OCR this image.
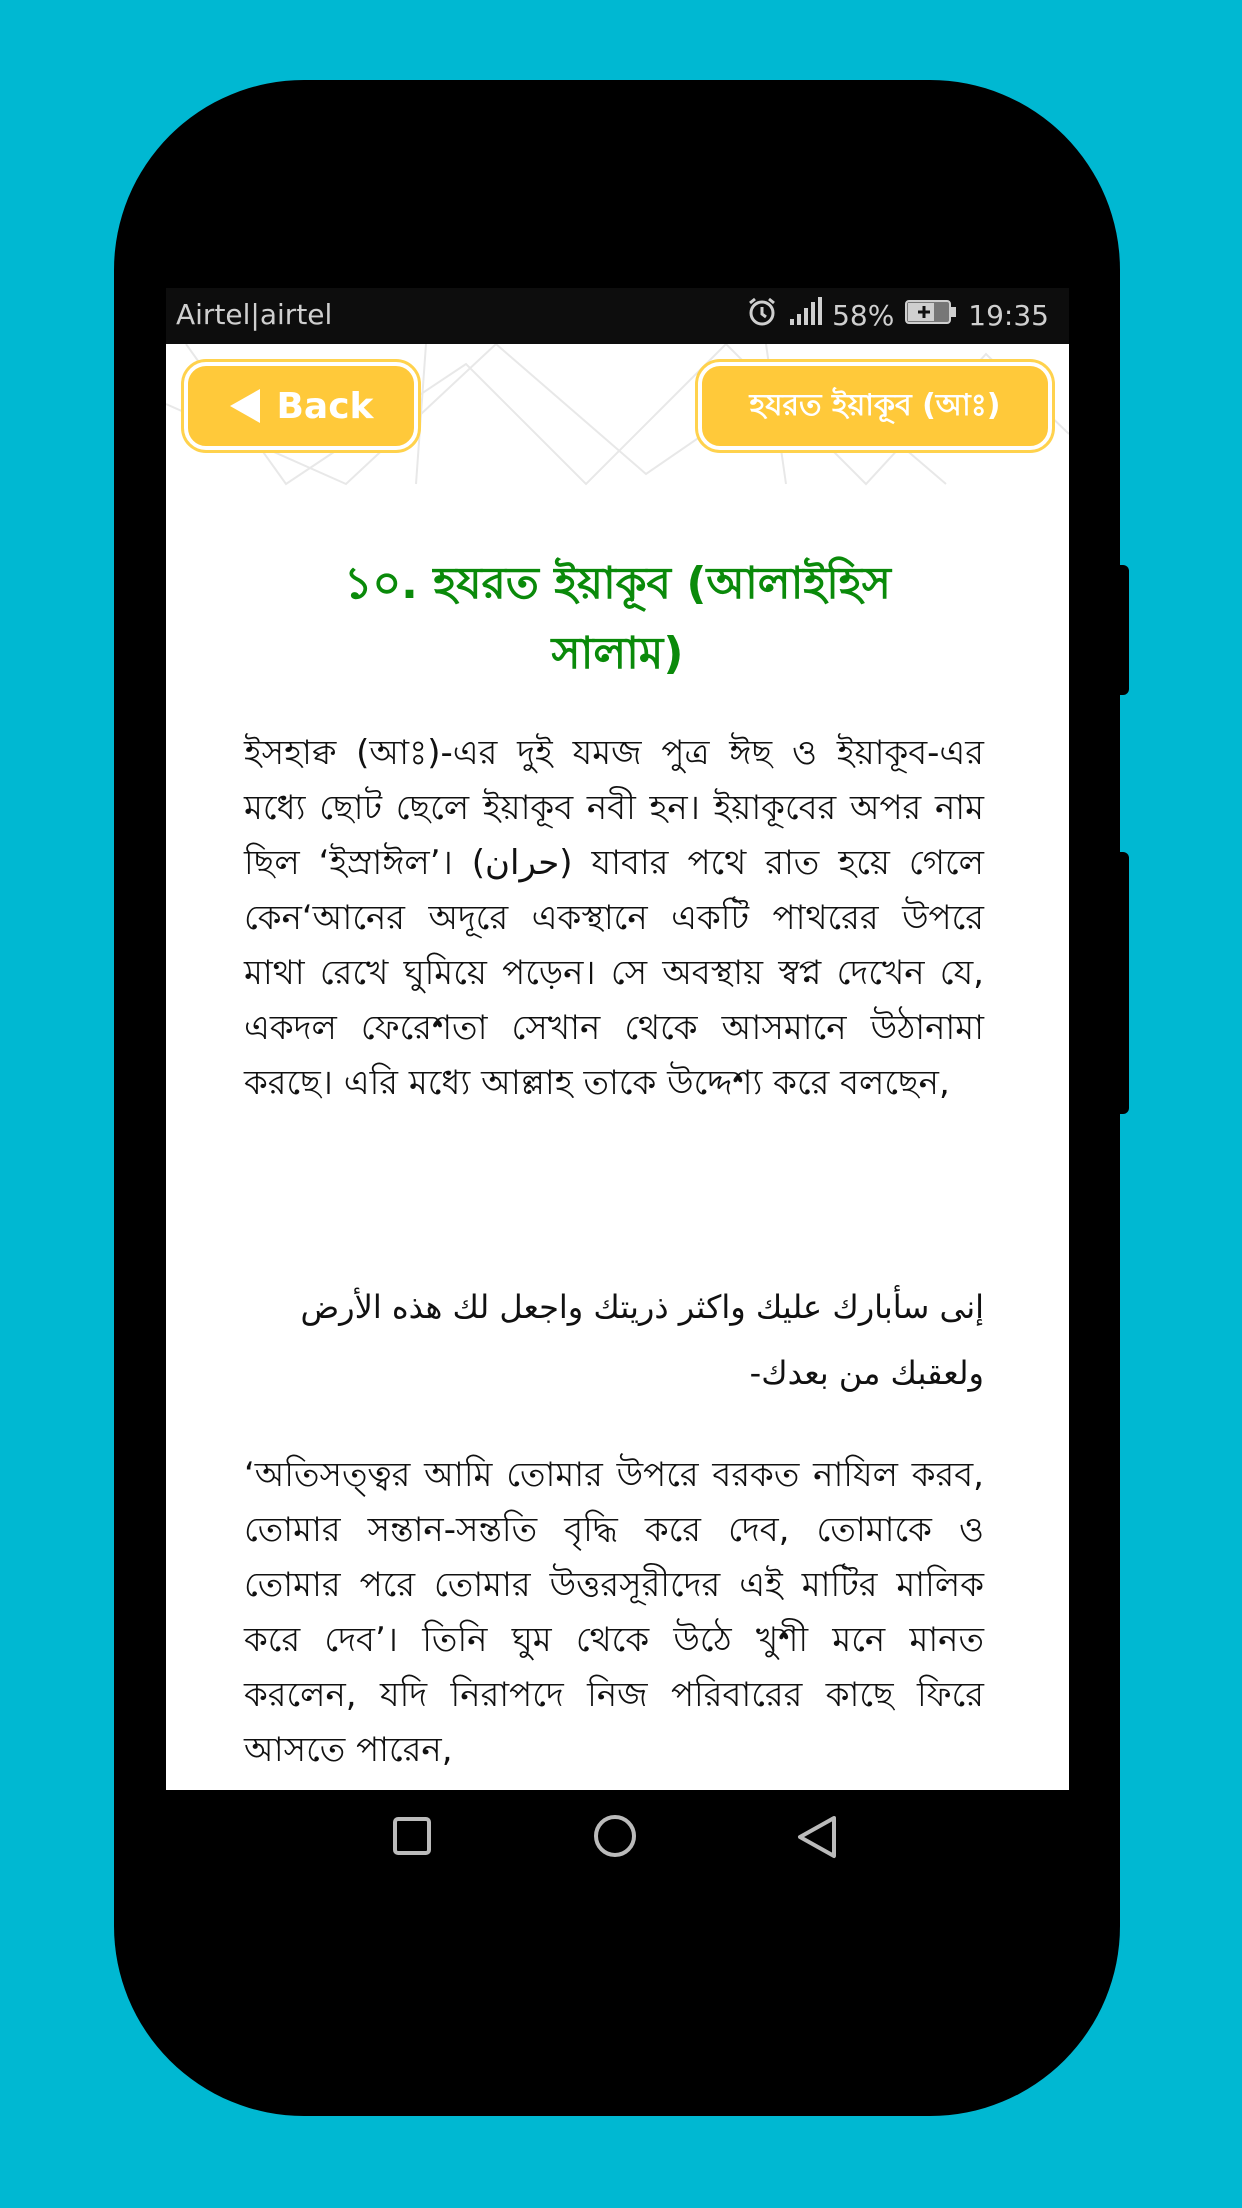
Airtel|airtel	58%	19:35
Back	হযরত ইয়াকূব (আঃ)
১০. হযরত ইয়াকূব (আলাইহিস
সালাম)
ইসহাক্ব (আঃ)-এর দুই যমজ পুত্র ঈছ ও ইয়াকূব-এর মধ্যে ছোট ছেলে ইয়াকূব নবী হন। ইয়াকূবের অপর নাম ছিল ‘ইস্রাঈল’। (حران) যাবার পথে রাত হয়ে গেলে কেন‘আনের অদূরে একস্থানে একটি পাথরের উপরে মাথা রেখে ঘুমিয়ে পড়েন। সে অবস্থায় স্বপ্ন দেখেন যে, একদল ফেরেশতা সেখান থেকে আসমানে উঠানামা করছে। এরি মধ্যে আল্লাহ তাকে উদ্দেশ্য করে বলছেন,
إنى سأبارك عليك واكثر ذريتك واجعل لك هذه الأرض ولعقبك من بعدك-
‘অতিসত্ত্বর আমি তোমার উপরে বরকত নাযিল করব, তোমার সন্তান-সন্ততি বৃদ্ধি করে দেব, তোমাকে ও তোমার পরে তোমার উত্তরসূরীদের এই মাটির মালিক করে দেব’। তিনি ঘুম থেকে উঠে খুশী মনে মানত করলেন, যদি নিরাপদে নিজ পরিবারের কাছে ফিরে আসতে পারেন,
